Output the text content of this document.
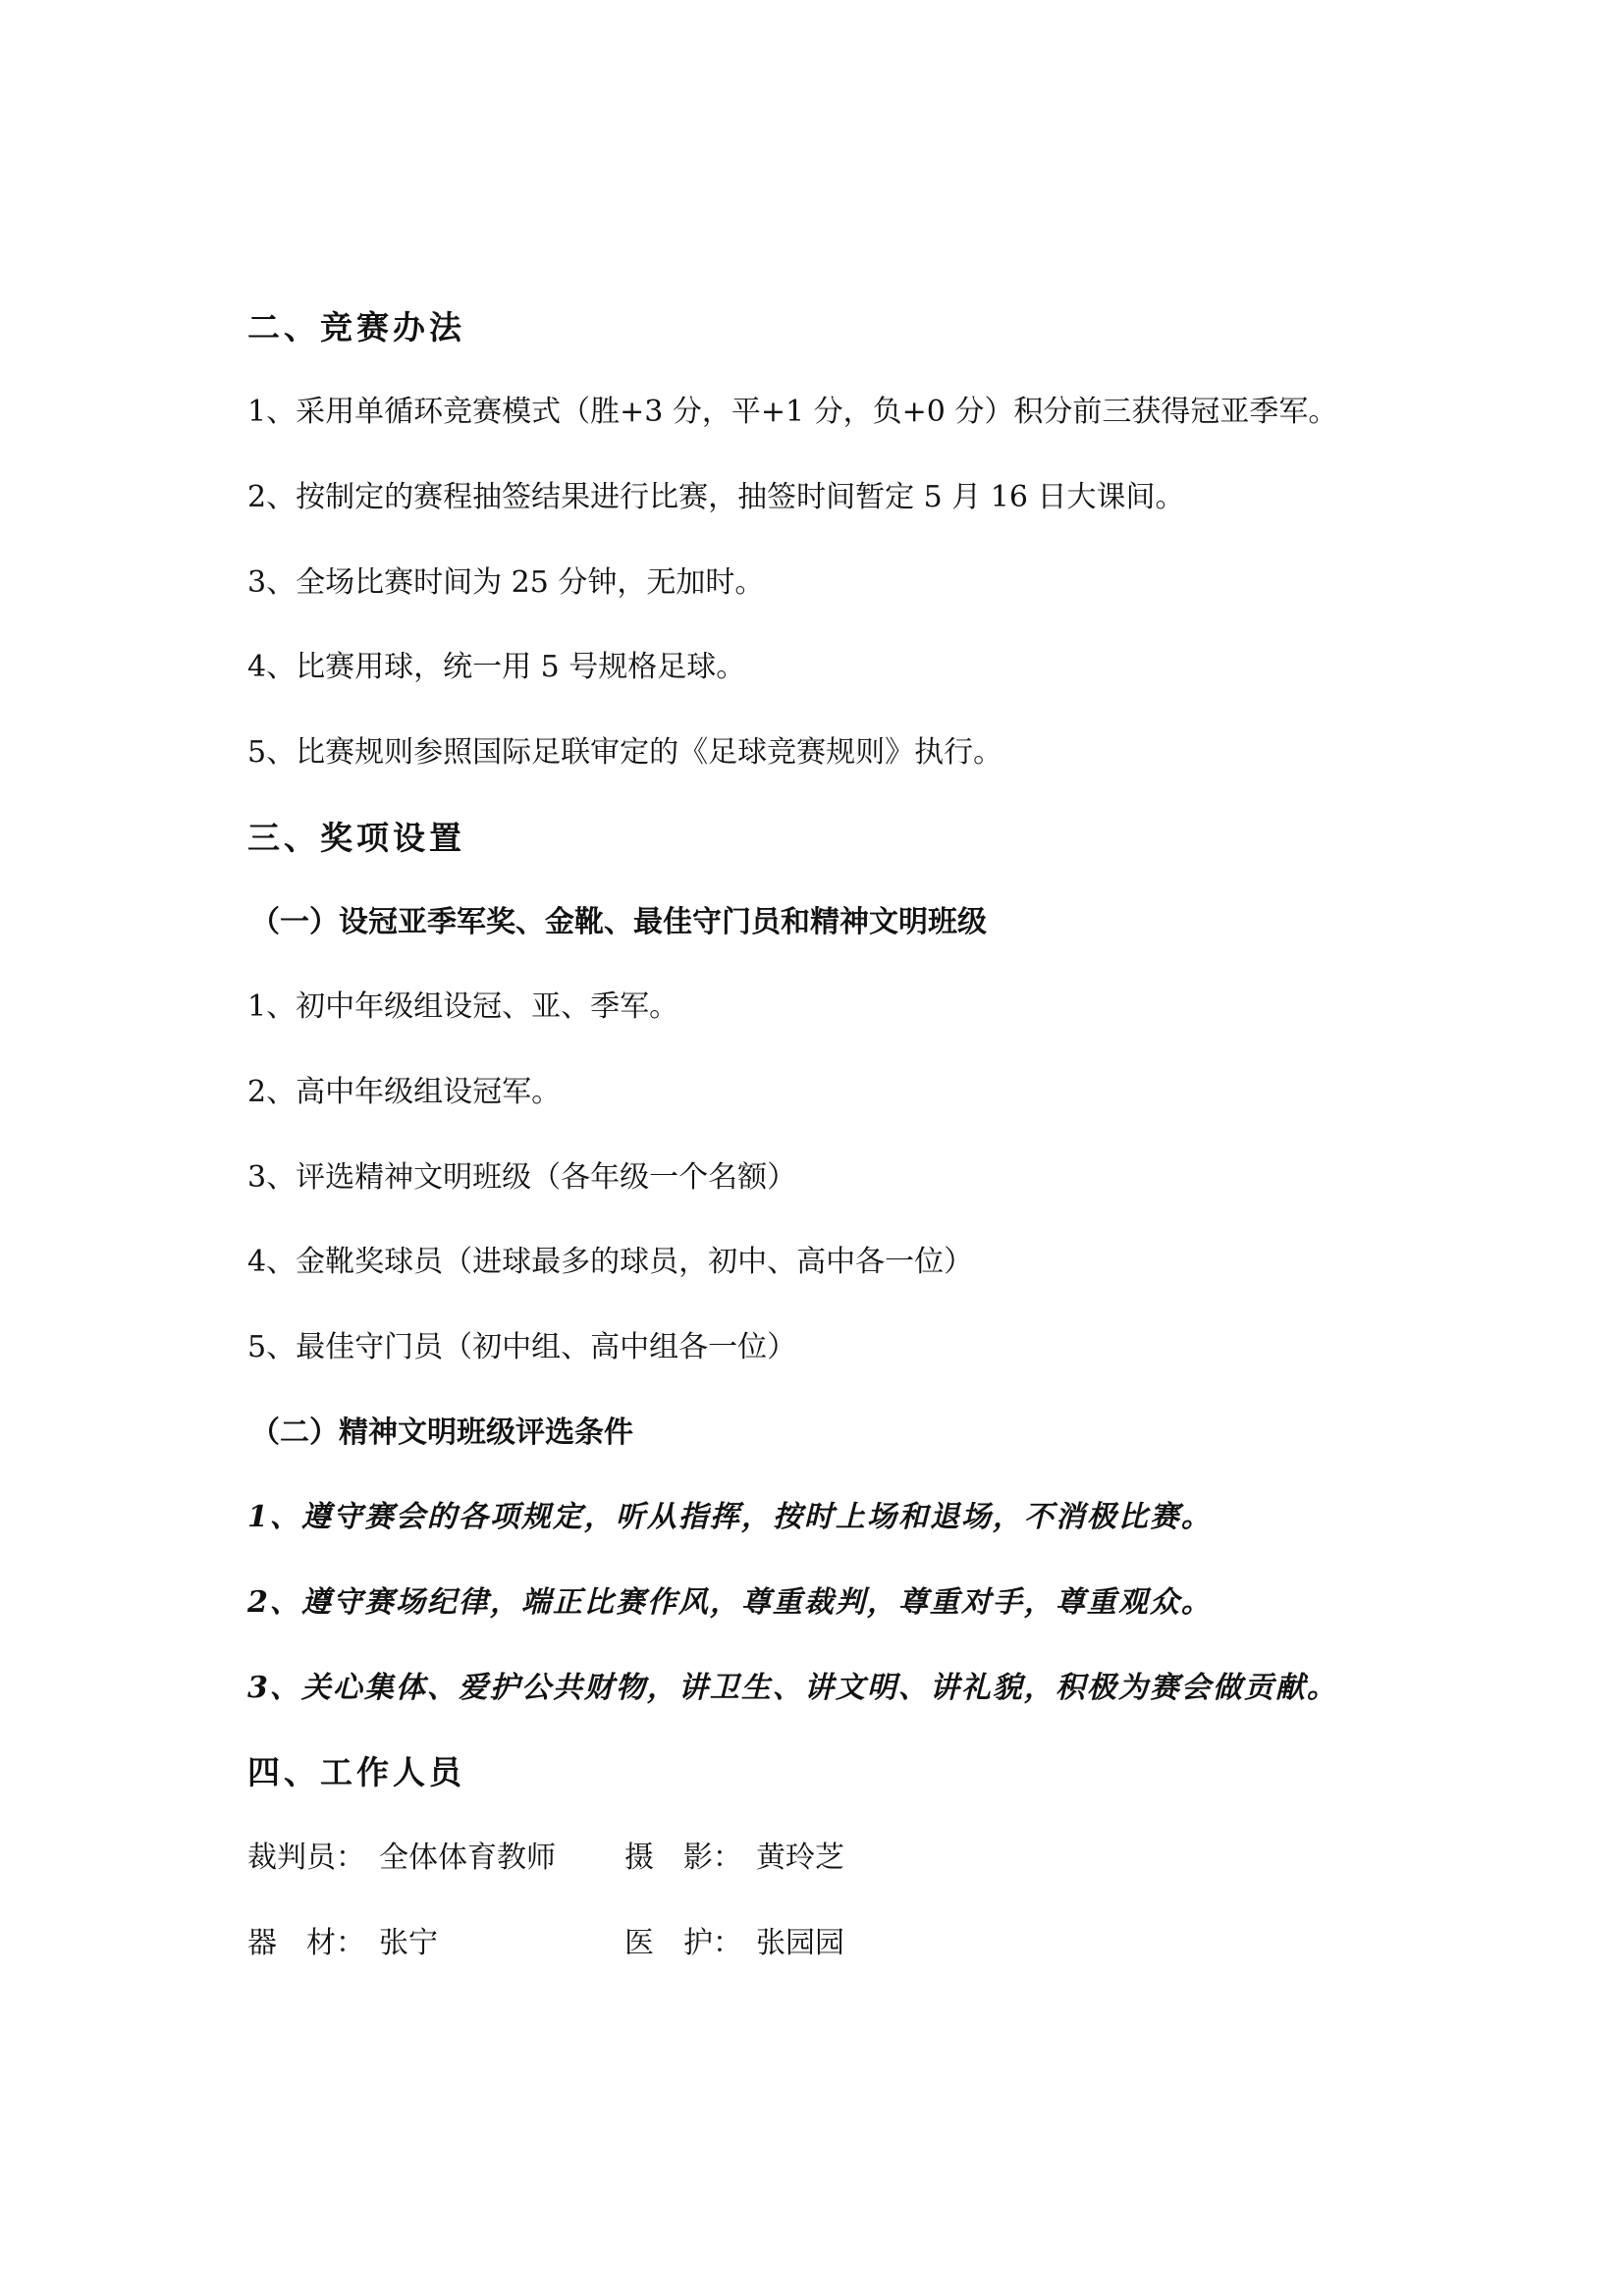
二、竞赛办法
1、采用单循环竞赛模式（胜+3 分，平+1 分，负+0 分）积分前三获得冠亚季军。
2、按制定的赛程抽签结果进行比赛，抽签时间暂定 5 月 16 日大课间。
3、全场比赛时间为 25 分钟，无加时。
4、比赛用球，统一用 5 号规格足球。
5、比赛规则参照国际足联审定的《足球竞赛规则》执行。
三、奖项设置
（一）设冠亚季军奖、金靴、最佳守门员和精神文明班级
1、初中年级组设冠、亚、季军。
2、高中年级组设冠军。
3、评选精神文明班级（各年级一个名额）
4、金靴奖球员（进球最多的球员，初中、高中各一位）
5、最佳守门员（初中组、高中组各一位）
（二）精神文明班级评选条件
1、遵守赛会的各项规定，听从指挥，按时上场和退场，不消极比赛。
2、遵守赛场纪律，端正比赛作风，尊重裁判，尊重对手，尊重观众。
3、关心集体、爱护公共财物，讲卫生、讲文明、讲礼貌，积极为赛会做贡献。
四、工作人员
裁判员： 全体体育教师 摄　影： 黄玲芝
器　材： 张宁	医　护： 张园园
